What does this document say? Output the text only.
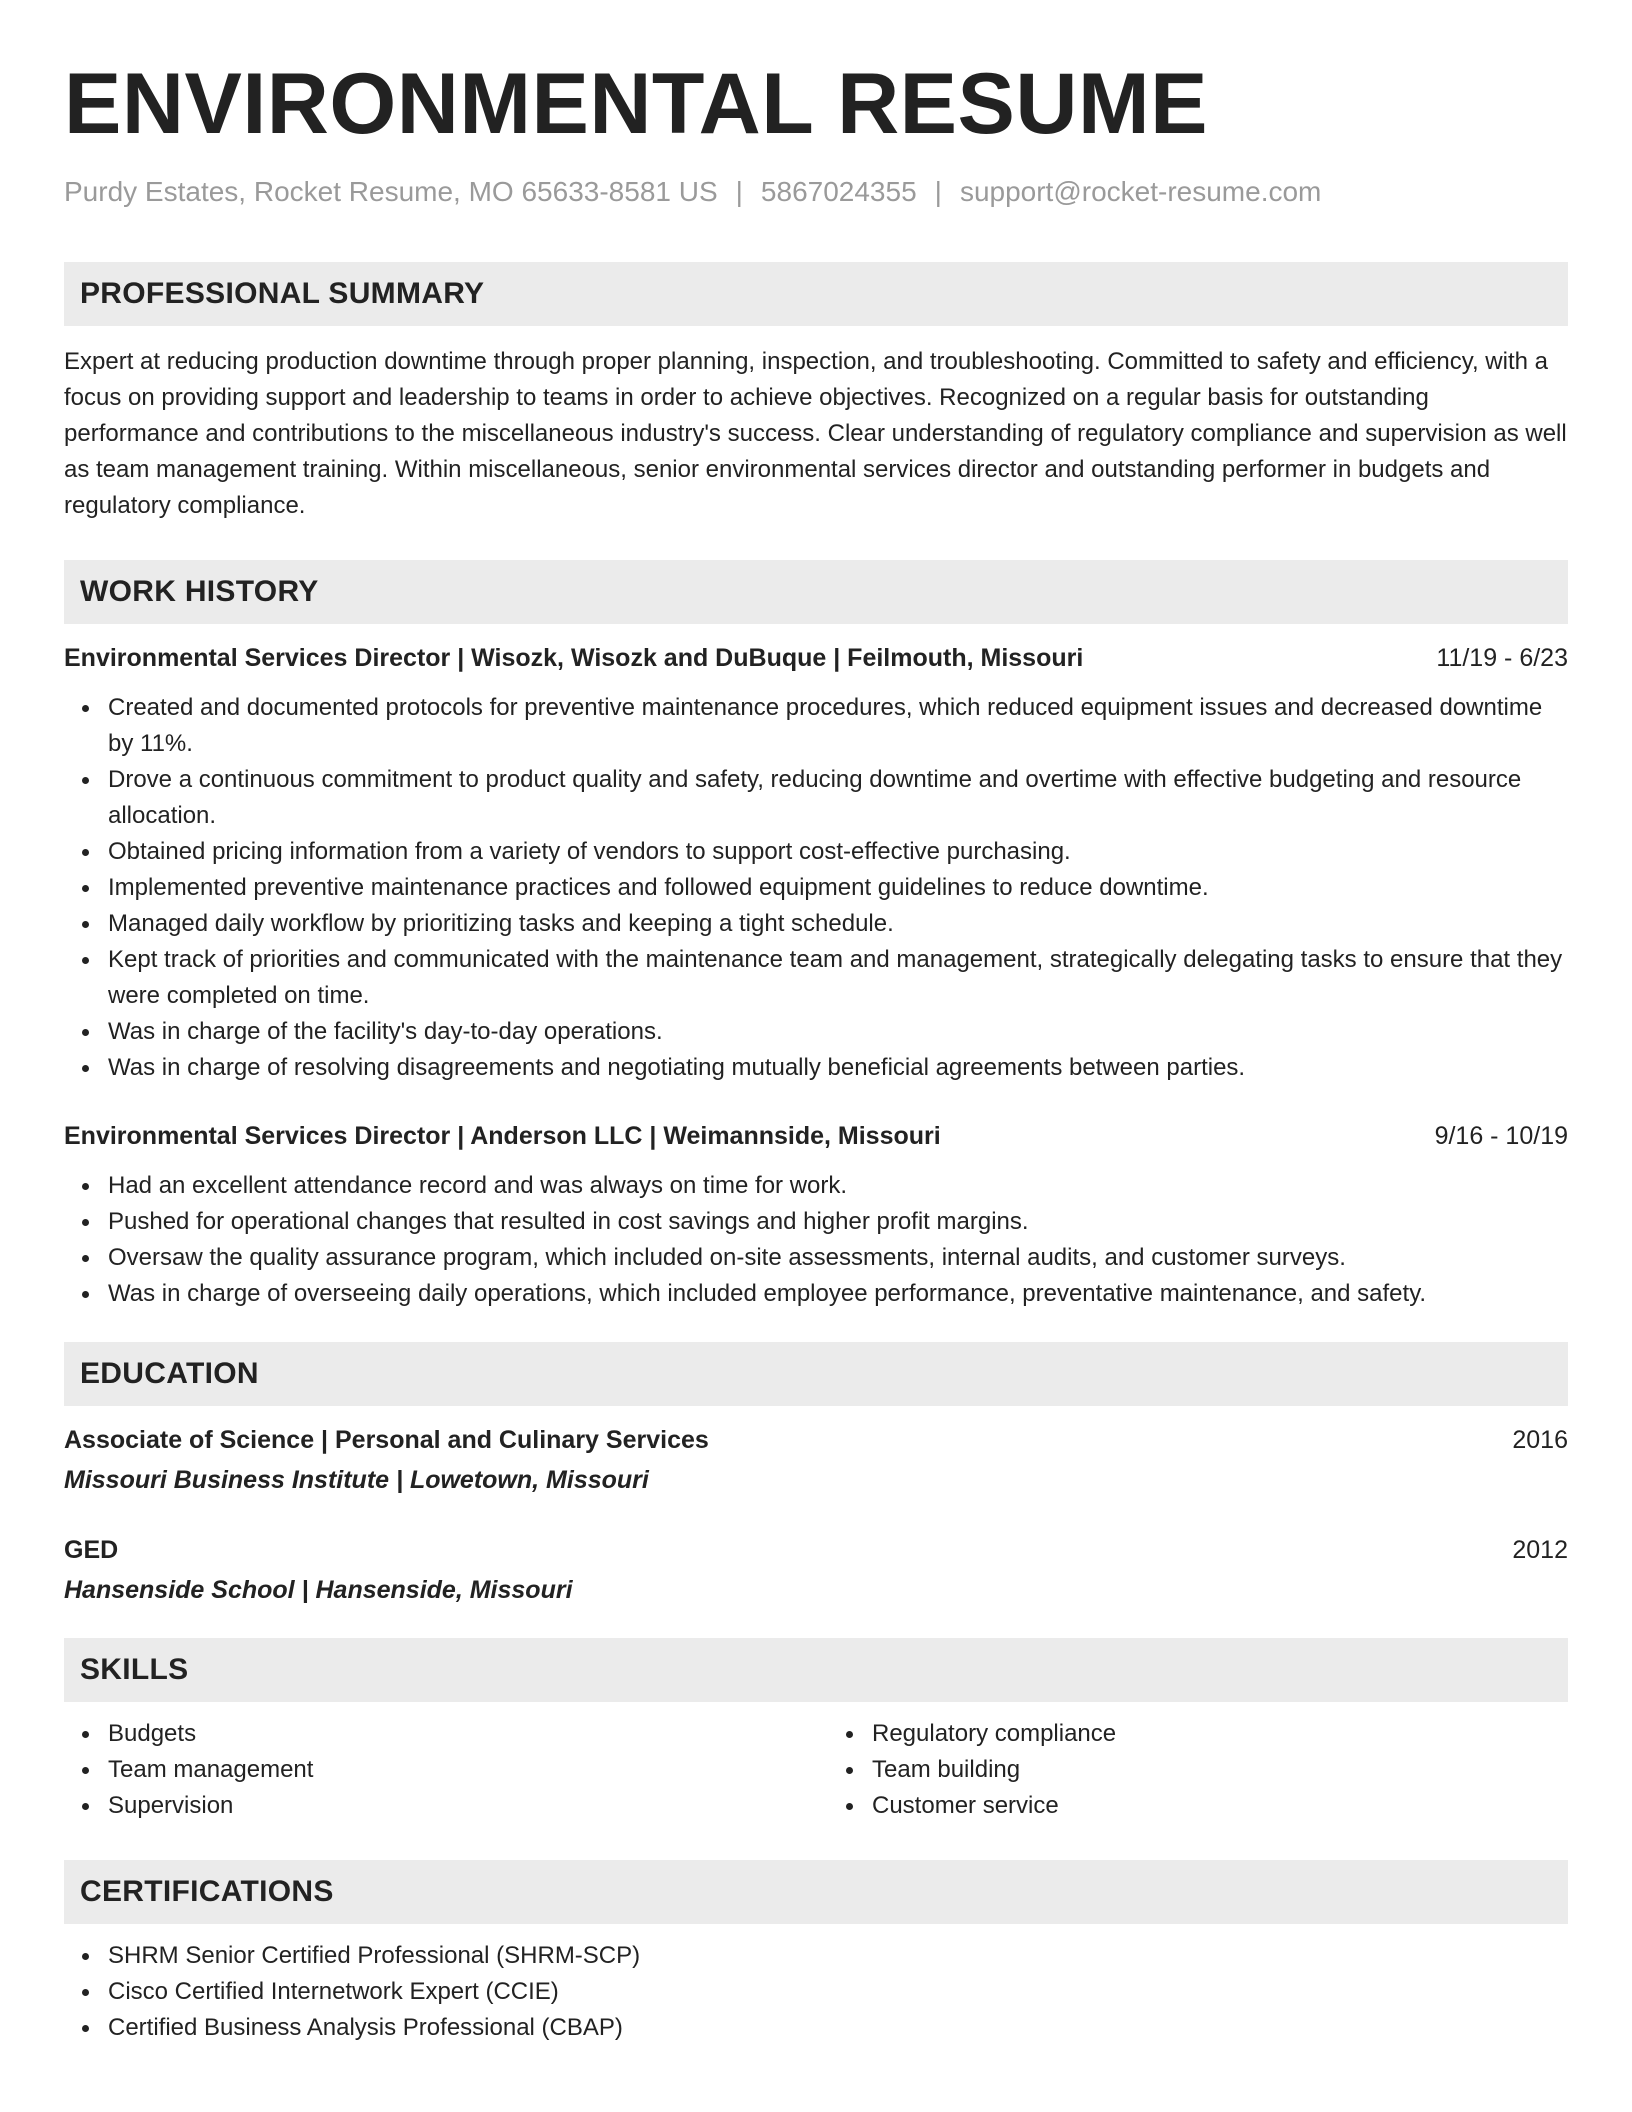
ENVIRONMENTAL RESUME
Purdy Estates, Rocket Resume, MO 65633-8581 US | 5867024355 | support@rocket-resume.com
PROFESSIONAL SUMMARY

Expert at reducing production downtime through proper planning, inspection, and troubleshooting. Committed to safety and efficiency, with a focus on providing support and leadership to teams in order to achieve objectives. Recognized on a regular basis for outstanding performance and contributions to the miscellaneous industry's success. Clear understanding of regulatory compliance and supervision as well as team management training. Within miscellaneous, senior environmental services director and outstanding performer in budgets and regulatory compliance.

WORK HISTORY
Environmental Services Director | Wisozk, Wisozk and DuBuque | Feilmouth, Missouri	11/19 - 6/23
Created and documented protocols for preventive maintenance procedures, which reduced equipment issues and decreased downtime by 11%.
Drove a continuous commitment to product quality and safety, reducing downtime and overtime with effective budgeting and resource allocation.
Obtained pricing information from a variety of vendors to support cost-effective purchasing.
Implemented preventive maintenance practices and followed equipment guidelines to reduce downtime.
Managed daily workflow by prioritizing tasks and keeping a tight schedule.
Kept track of priorities and communicated with the maintenance team and management, strategically delegating tasks to ensure that they were completed on time.
Was in charge of the facility's day-to-day operations.
Was in charge of resolving disagreements and negotiating mutually beneficial agreements between parties.
Environmental Services Director | Anderson LLC | Weimannside, Missouri	9/16 - 10/19
Had an excellent attendance record and was always on time for work.
Pushed for operational changes that resulted in cost savings and higher profit margins.
Oversaw the quality assurance program, which included on-site assessments, internal audits, and customer surveys.
Was in charge of overseeing daily operations, which included employee performance, preventative maintenance, and safety.
EDUCATION
Associate of Science | Personal and Culinary Services	2016
Missouri Business Institute | Lowetown, Missouri
GED	2012
Hansenside School | Hansenside, Missouri
SKILLS
Budgets
Team management
Supervision
Regulatory compliance
Team building
Customer service
CERTIFICATIONS
SHRM Senior Certified Professional (SHRM-SCP)
Cisco Certified Internetwork Expert (CCIE)
Certified Business Analysis Professional (CBAP)
